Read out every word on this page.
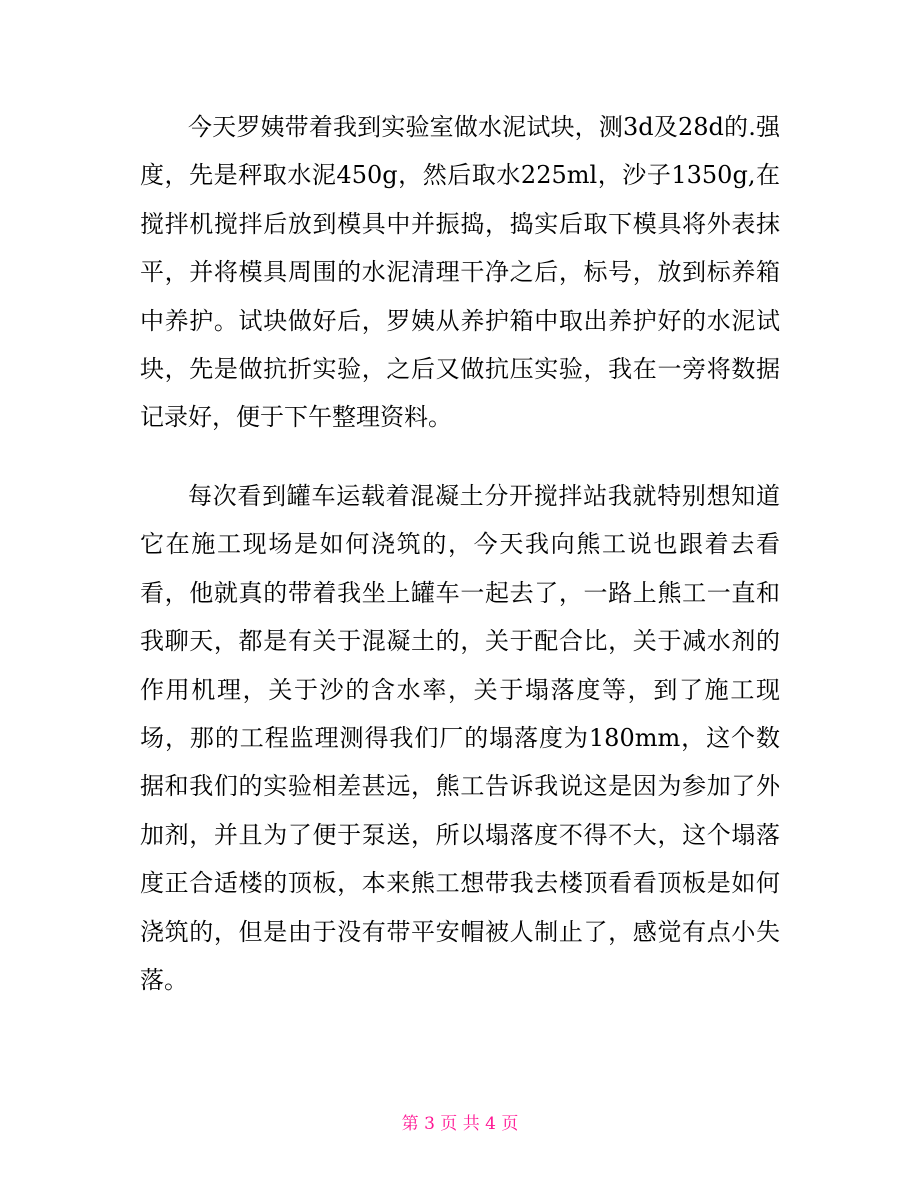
今天罗姨带着我到实验室做水泥试块，测3d及28d的.强度，先是秤取水泥450g，然后取水225ml，沙子1350g,在搅拌机搅拌后放到模具中并振捣，捣实后取下模具将外表抹平，并将模具周围的水泥清理干净之后，标号，放到标养箱中养护。试块做好后，罗姨从养护箱中取出养护好的水泥试块，先是做抗折实验，之后又做抗压实验，我在一旁将数据记录好，便于下午整理资料。

每次看到罐车运载着混凝土分开搅拌站我就特别想知道它在施工现场是如何浇筑的，今天我向熊工说也跟着去看看，他就真的带着我坐上罐车一起去了，一路上熊工一直和我聊天，都是有关于混凝土的，关于配合比，关于减水剂的作用机理，关于沙的含水率，关于塌落度等，到了施工现场，那的工程监理测得我们厂的塌落度为180mm，这个数据和我们的实验相差甚远，熊工告诉我说这是因为参加了外加剂，并且为了便于泵送，所以塌落度不得不大，这个塌落度正合适楼的顶板，本来熊工想带我去楼顶看看顶板是如何浇筑的，但是由于没有带平安帽被人制止了，感觉有点小失落。

第 3 页 共 4 页
